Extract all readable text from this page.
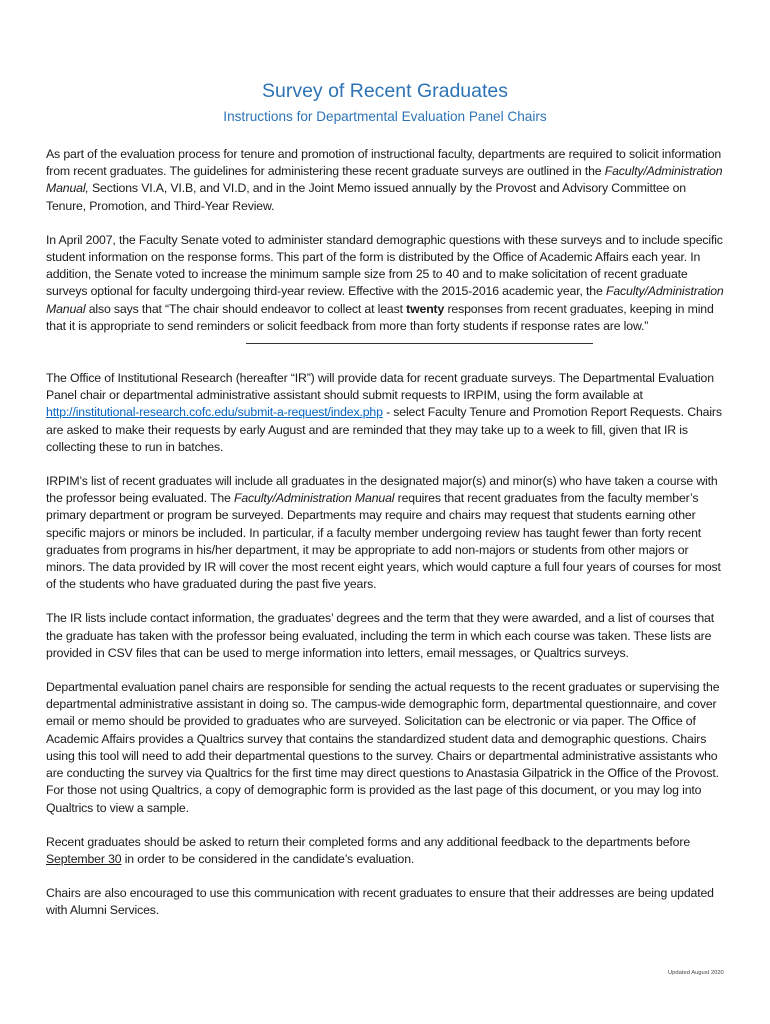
Survey of Recent Graduates
Instructions for Departmental Evaluation Panel Chairs

As part of the evaluation process for tenure and promotion of instructional faculty, departments are required to solicit information from recent graduates. The guidelines for administering these recent graduate surveys are outlined in the Faculty/Administration Manual, Sections VI.A, VI.B, and VI.D, and in the Joint Memo issued annually by the Provost and Advisory Committee on Tenure, Promotion, and Third-Year Review.

In April 2007, the Faculty Senate voted to administer standard demographic questions with these surveys and to include specific student information on the response forms. This part of the form is distributed by the Office of Academic Affairs each year. In addition, the Senate voted to increase the minimum sample size from 25 to 40 and to make solicitation of recent graduate surveys optional for faculty undergoing third-year review. Effective with the 2015-2016 academic year, the Faculty/Administration Manual also says that “The chair should endeavor to collect at least twenty responses from recent graduates, keeping in mind that it is appropriate to send reminders or solicit feedback from more than forty students if response rates are low.”

The Office of Institutional Research (hereafter “IR”) will provide data for recent graduate surveys. The Departmental Evaluation Panel chair or departmental administrative assistant should submit requests to IRPIM, using the form available at http://institutional-research.cofc.edu/submit-a-request/index.php - select Faculty Tenure and Promotion Report Requests. Chairs are asked to make their requests by early August and are reminded that they may take up to a week to fill, given that IR is collecting these to run in batches.

IRPIM’s list of recent graduates will include all graduates in the designated major(s) and minor(s) who have taken a course with the professor being evaluated. The Faculty/Administration Manual requires that recent graduates from the faculty member’s primary department or program be surveyed. Departments may require and chairs may request that students earning other specific majors or minors be included. In particular, if a faculty member undergoing review has taught fewer than forty recent graduates from programs in his/her department, it may be appropriate to add non-majors or students from other majors or minors. The data provided by IR will cover the most recent eight years, which would capture a full four years of courses for most of the students who have graduated during the past five years.

The IR lists include contact information, the graduates’ degrees and the term that they were awarded, and a list of courses that the graduate has taken with the professor being evaluated, including the term in which each course was taken. These lists are provided in CSV files that can be used to merge information into letters, email messages, or Qualtrics surveys.

Departmental evaluation panel chairs are responsible for sending the actual requests to the recent graduates or supervising the departmental administrative assistant in doing so. The campus-wide demographic form, departmental questionnaire, and cover email or memo should be provided to graduates who are surveyed. Solicitation can be electronic or via paper. The Office of Academic Affairs provides a Qualtrics survey that contains the standardized student data and demographic questions. Chairs using this tool will need to add their departmental questions to the survey. Chairs or departmental administrative assistants who are conducting the survey via Qualtrics for the first time may direct questions to Anastasia Gilpatrick in the Office of the Provost. For those not using Qualtrics, a copy of demographic form is provided as the last page of this document, or you may log into Qualtrics to view a sample.

Recent graduates should be asked to return their completed forms and any additional feedback to the departments before September 30 in order to be considered in the candidate’s evaluation.

Chairs are also encouraged to use this communication with recent graduates to ensure that their addresses are being updated with Alumni Services.

Updated August 2020
